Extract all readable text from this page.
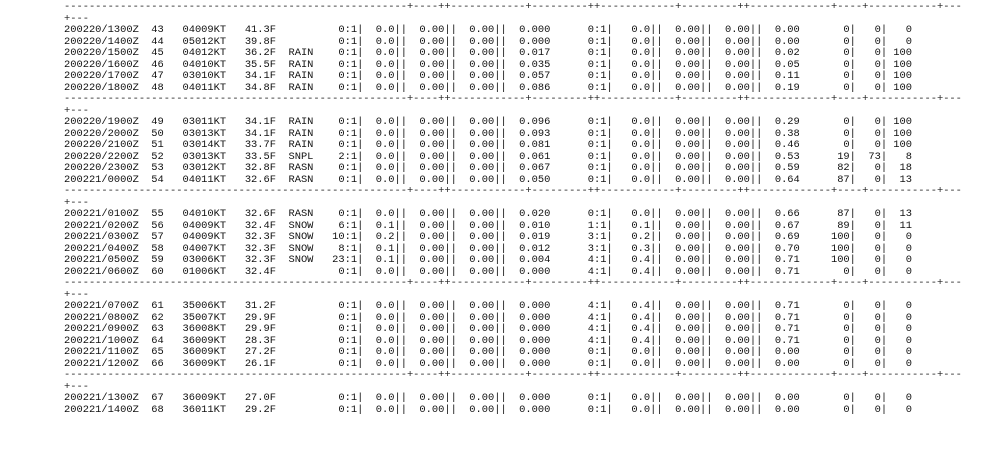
-------------------------------------------------------+----++------------+---------++------------+---------++-------------+----+-----------+---
+---
200220/1300Z  43   04009KT   41.3F          0:1|  0.0||  0.00||  0.00||  0.000      0:1|   0.0||  0.00||  0.00||  0.00       0|   0|   0
200220/1400Z  44   05012KT   39.8F          0:1|  0.0||  0.00||  0.00||  0.000      0:1|   0.0||  0.00||  0.00||  0.00       0|   0|   0
200220/1500Z  45   04012KT   36.2F  RAIN    0:1|  0.0||  0.00||  0.00||  0.017      0:1|   0.0||  0.00||  0.00||  0.02       0|   0| 100
200220/1600Z  46   04010KT   35.5F  RAIN    0:1|  0.0||  0.00||  0.00||  0.035      0:1|   0.0||  0.00||  0.00||  0.05       0|   0| 100
200220/1700Z  47   03010KT   34.1F  RAIN    0:1|  0.0||  0.00||  0.00||  0.057      0:1|   0.0||  0.00||  0.00||  0.11       0|   0| 100
200220/1800Z  48   04011KT   34.8F  RAIN    0:1|  0.0||  0.00||  0.00||  0.086      0:1|   0.0||  0.00||  0.00||  0.19       0|   0| 100
-------------------------------------------------------+----++------------+---------++------------+---------++-------------+----+-----------+---
+---
200220/1900Z  49   03011KT   34.1F  RAIN    0:1|  0.0||  0.00||  0.00||  0.096      0:1|   0.0||  0.00||  0.00||  0.29       0|   0| 100
200220/2000Z  50   03013KT   34.1F  RAIN    0:1|  0.0||  0.00||  0.00||  0.093      0:1|   0.0||  0.00||  0.00||  0.38       0|   0| 100
200220/2100Z  51   03014KT   33.7F  RAIN    0:1|  0.0||  0.00||  0.00||  0.081      0:1|   0.0||  0.00||  0.00||  0.46       0|   0| 100
200220/2200Z  52   03013KT   33.5F  SNPL    2:1|  0.0||  0.00||  0.00||  0.061      0:1|   0.0||  0.00||  0.00||  0.53      19|  73|   8
200220/2300Z  53   03012KT   32.8F  RASN    0:1|  0.0||  0.00||  0.00||  0.067      0:1|   0.0||  0.00||  0.00||  0.59      82|   0|  18
200221/0000Z  54   04011KT   32.6F  RASN    0:1|  0.0||  0.00||  0.00||  0.050      0:1|   0.0||  0.00||  0.00||  0.64      87|   0|  13
-------------------------------------------------------+----++------------+---------++------------+---------++-------------+----+-----------+---
+---
200221/0100Z  55   04010KT   32.6F  RASN    0:1|  0.0||  0.00||  0.00||  0.020      0:1|   0.0||  0.00||  0.00||  0.66      87|   0|  13
200221/0200Z  56   04009KT   32.4F  SNOW    6:1|  0.1||  0.00||  0.00||  0.010      1:1|   0.1||  0.00||  0.00||  0.67      89|   0|  11
200221/0300Z  57   04009KT   32.3F  SNOW   10:1|  0.2||  0.00||  0.00||  0.019      3:1|   0.2||  0.00||  0.00||  0.69     100|   0|   0
200221/0400Z  58   04007KT   32.3F  SNOW    8:1|  0.1||  0.00||  0.00||  0.012      3:1|   0.3||  0.00||  0.00||  0.70     100|   0|   0
200221/0500Z  59   03006KT   32.3F  SNOW   23:1|  0.1||  0.00||  0.00||  0.004      4:1|   0.4||  0.00||  0.00||  0.71     100|   0|   0
200221/0600Z  60   01006KT   32.4F          0:1|  0.0||  0.00||  0.00||  0.000      4:1|   0.4||  0.00||  0.00||  0.71       0|   0|   0
-------------------------------------------------------+----++------------+---------++------------+---------++-------------+----+-----------+---
+---
200221/0700Z  61   35006KT   31.2F          0:1|  0.0||  0.00||  0.00||  0.000      4:1|   0.4||  0.00||  0.00||  0.71       0|   0|   0
200221/0800Z  62   35007KT   29.9F          0:1|  0.0||  0.00||  0.00||  0.000      4:1|   0.4||  0.00||  0.00||  0.71       0|   0|   0
200221/0900Z  63   36008KT   29.9F          0:1|  0.0||  0.00||  0.00||  0.000      4:1|   0.4||  0.00||  0.00||  0.71       0|   0|   0
200221/1000Z  64   36009KT   28.3F          0:1|  0.0||  0.00||  0.00||  0.000      4:1|   0.4||  0.00||  0.00||  0.71       0|   0|   0
200221/1100Z  65   36009KT   27.2F          0:1|  0.0||  0.00||  0.00||  0.000      0:1|   0.0||  0.00||  0.00||  0.00       0|   0|   0
200221/1200Z  66   36009KT   26.1F          0:1|  0.0||  0.00||  0.00||  0.000      0:1|   0.0||  0.00||  0.00||  0.00       0|   0|   0
-------------------------------------------------------+----++------------+---------++------------+---------++-------------+----+-----------+---
+---
200221/1300Z  67   36009KT   27.0F          0:1|  0.0||  0.00||  0.00||  0.000      0:1|   0.0||  0.00||  0.00||  0.00       0|   0|   0
200221/1400Z  68   36011KT   29.2F          0:1|  0.0||  0.00||  0.00||  0.000      0:1|   0.0||  0.00||  0.00||  0.00       0|   0|   0
